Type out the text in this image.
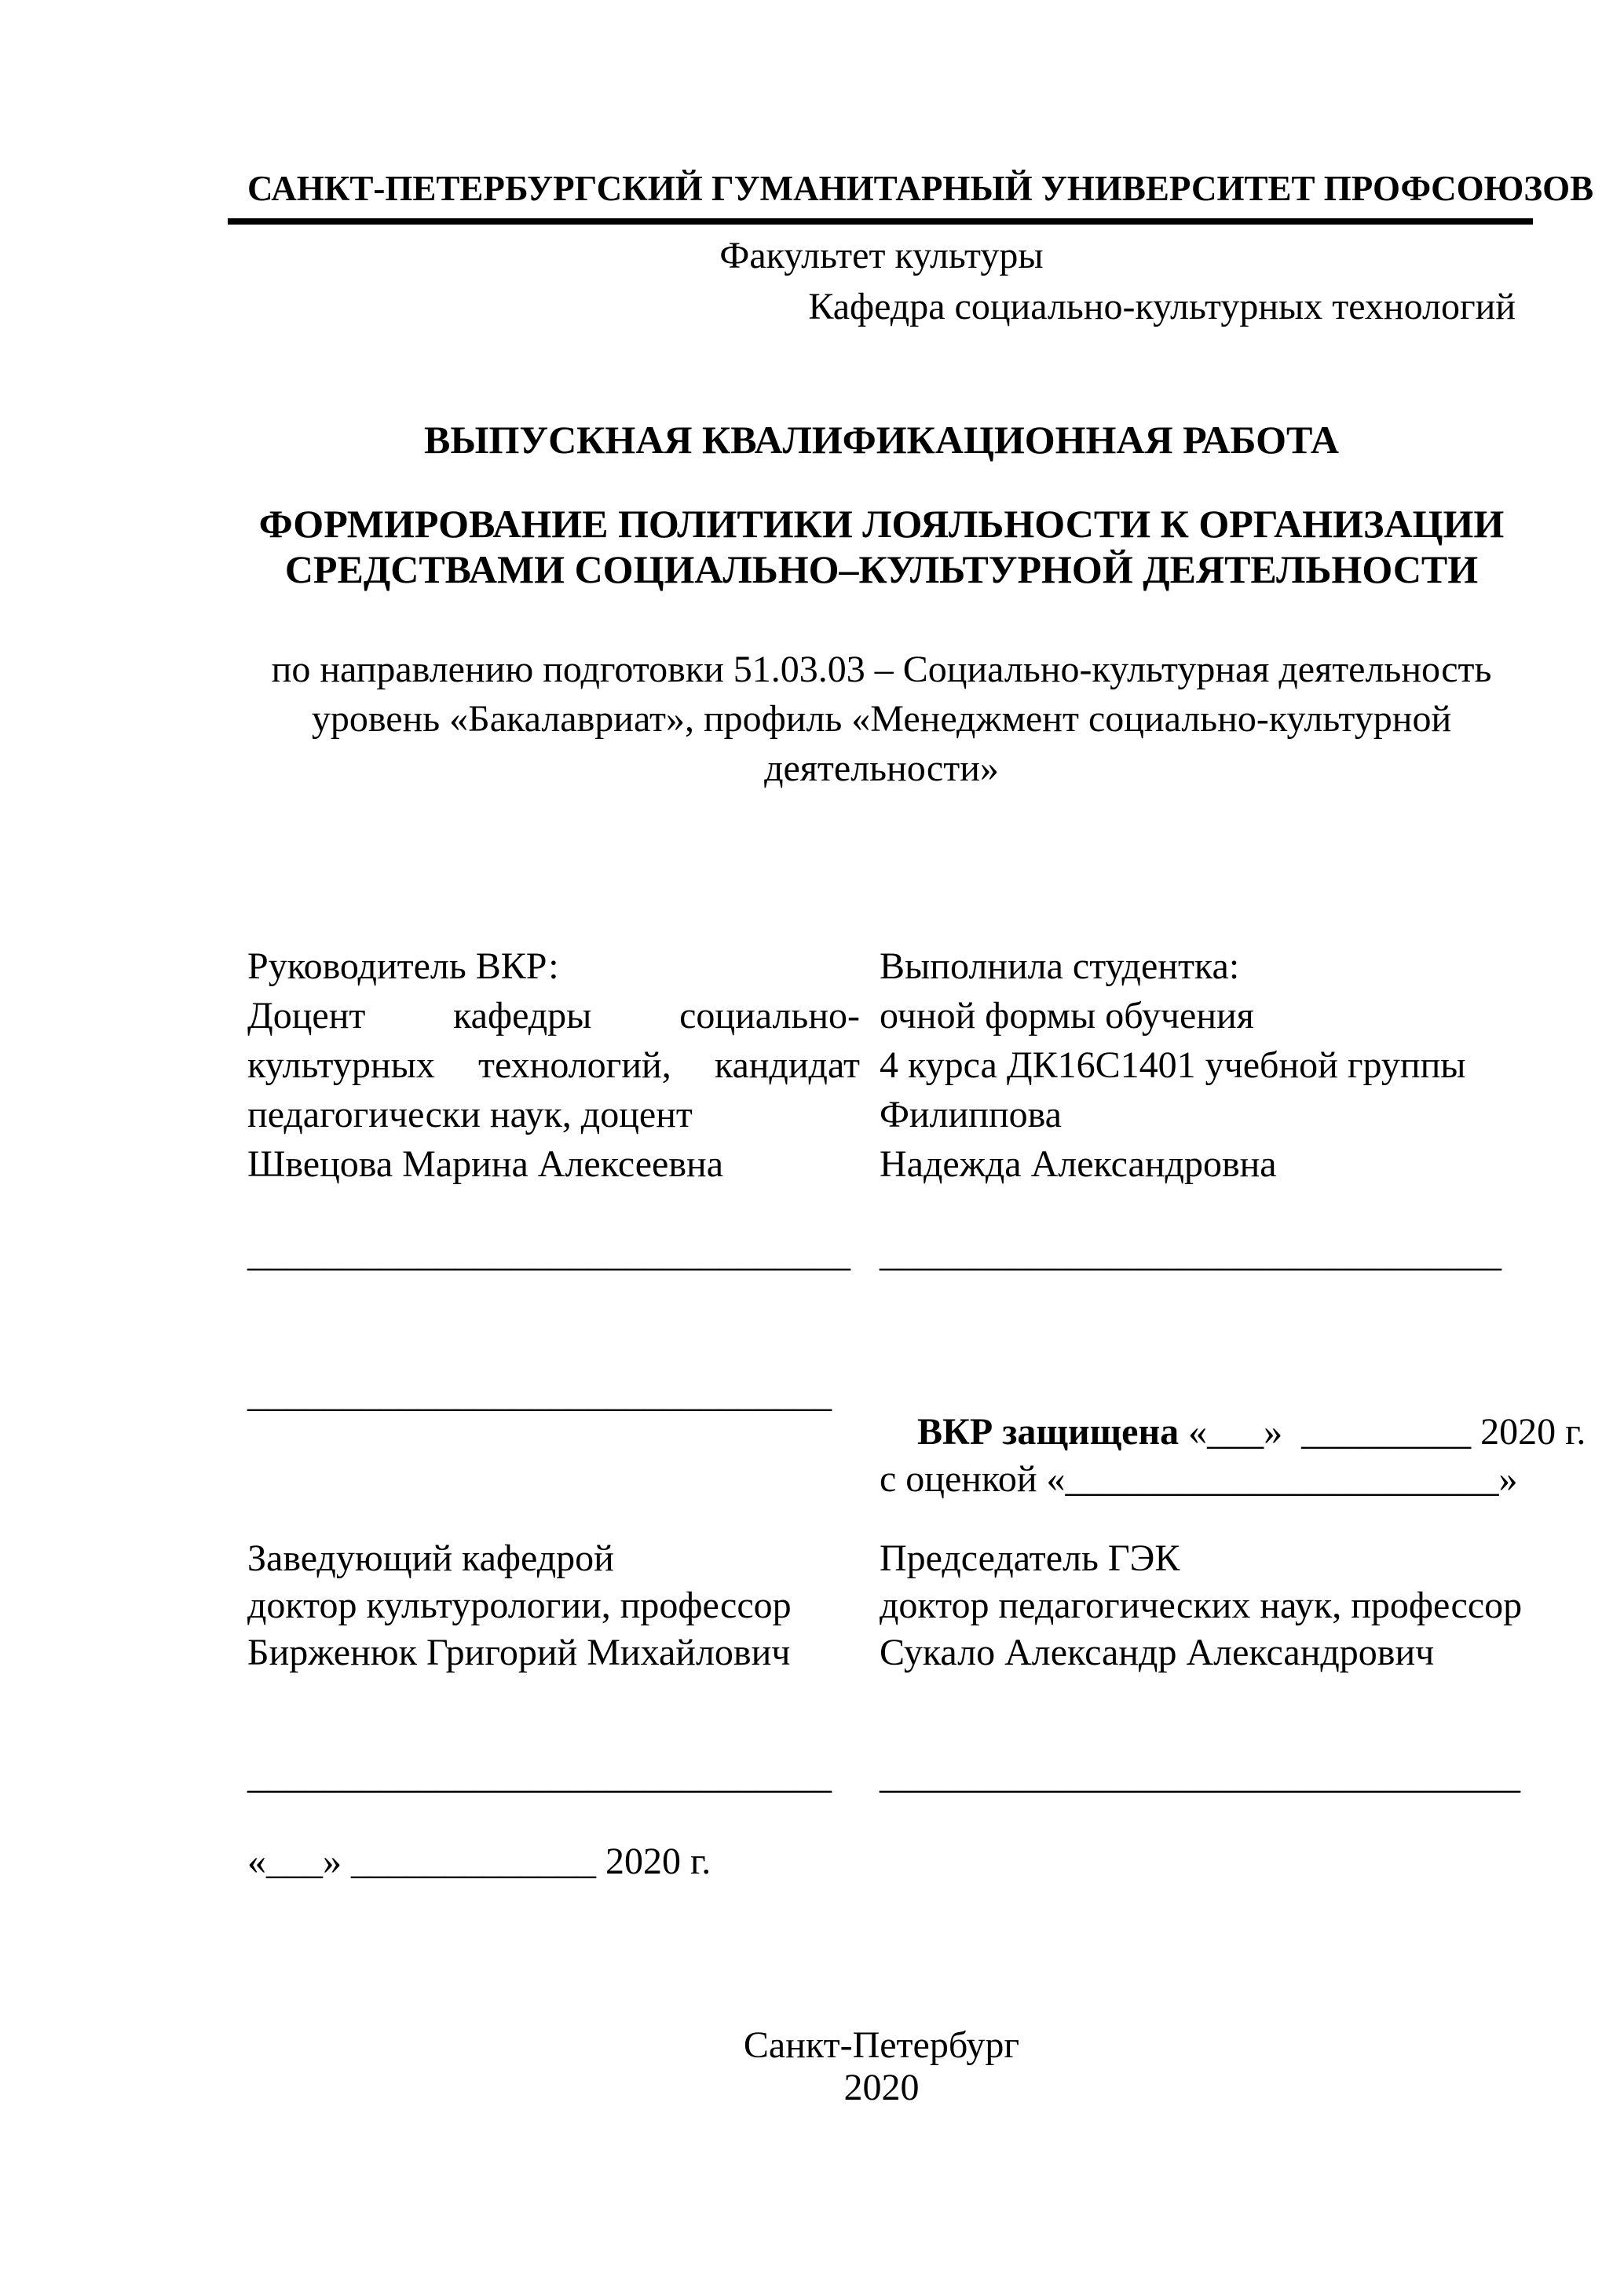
САНКТ-ПЕТЕРБУРГСКИЙ ГУМАНИТАРНЫЙ УНИВЕРСИТЕТ ПРОФСОЮЗОВ
Факультет культуры
Кафедра социально-культурных технологий
ВЫПУСКНАЯ КВАЛИФИКАЦИОННАЯ РАБОТА
ФОРМИРОВАНИЕ ПОЛИТИКИ ЛОЯЛЬНОСТИ К ОРГАНИЗАЦИИ
СРЕДСТВАМИ СОЦИАЛЬНО–КУЛЬТУРНОЙ ДЕЯТЕЛЬНОСТИ
по направлению подготовки 51.03.03 – Социально-культурная деятельность
уровень «Бакалавриат», профиль «Менеджмент социально-культурной
деятельности»
Руководитель ВКР:
Доцент кафедры социально-
культурных технологий, кандидат
педагогически наук, доцент
Швецова Марина Алексеевна
Выполнила студентка:
очной формы обучения
4 курса ДК16С1401 учебной группы
Филиппова
Надежда Александровна
________________________________ _________________________________
_______________________________

ВКР защищена «___»  _________ 2020 г.

с оценкой «_______________________»
Заведующий кафедрой
доктор культурологии, профессор
Бирженюк Григорий Михайлович
Председатель ГЭК
доктор педагогических наук, профессор
Сукало Александр Александрович
_______________________________	__________________________________
«___» _____________ 2020 г.
Санкт-Петербург
2020
